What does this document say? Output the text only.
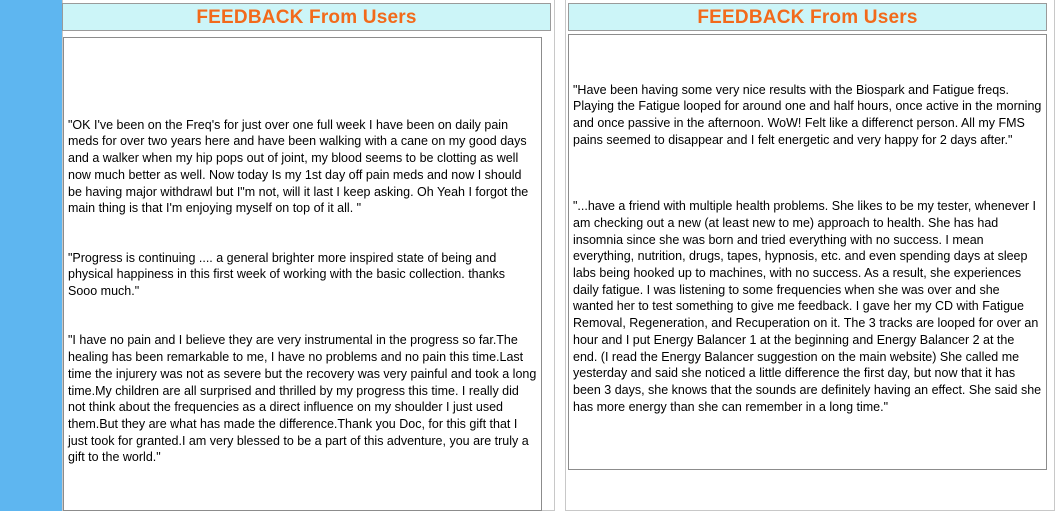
FEEDBACK From Users	FEEDBACK From Users

"OK I've been on the Freq's for just over one full week I have been on daily pain meds for over two years here and have been walking with a cane on my good days and a walker when my hip pops out of joint, my blood seems to be clotting as well now much better as well. Now today Is my 1st day off pain meds and now I should be having major withdrawl but I"m not, will it last I keep asking. Oh Yeah I forgot the main thing is that I'm enjoying myself on top of it all. "

"Progress is continuing .... a general brighter more inspired state of being and physical happiness in this first week of working with the basic collection. thanks Sooo much."

"I have no pain and I believe they are very instrumental in the progress so far.The healing has been remarkable to me, I have no problems and no pain this time.Last time the injurery was not as severe but the recovery was very painful and took a long time.My children are all surprised and thrilled by my progress this time. I really did not think about the frequencies as a direct influence on my shoulder I just used them.But they are what has made the difference.Thank you Doc, for this gift that I just took for granted.I am very blessed to be a part of this adventure, you are truly a gift to the world."

"Have been having some very nice results with the Biospark and Fatigue freqs. Playing the Fatigue looped for around one and half hours, once active in the morning and once passive in the afternoon. WoW! Felt like a differenct person. All my FMS pains seemed to disappear and I felt energetic and very happy for 2 days after."

"...have a friend with multiple health problems. She likes to be my tester, whenever I am checking out a new (at least new to me) approach to health. She has had insomnia since she was born and tried everything with no success. I mean everything, nutrition, drugs, tapes, hypnosis, etc. and even spending days at sleep labs being hooked up to machines, with no success. As a result, she experiences daily fatigue. I was listening to some frequencies when she was over and she wanted her to test something to give me feedback. I gave her my CD with Fatigue Removal, Regeneration, and Recuperation on it. The 3 tracks are looped for over an hour and I put Energy Balancer 1 at the beginning and Energy Balancer 2 at the end. (I read the Energy Balancer suggestion on the main website) She called me yesterday and said she noticed a little difference the first day, but now that it has been 3 days, she knows that the sounds are definitely having an effect. She said she has more energy than she can remember in a long time."
